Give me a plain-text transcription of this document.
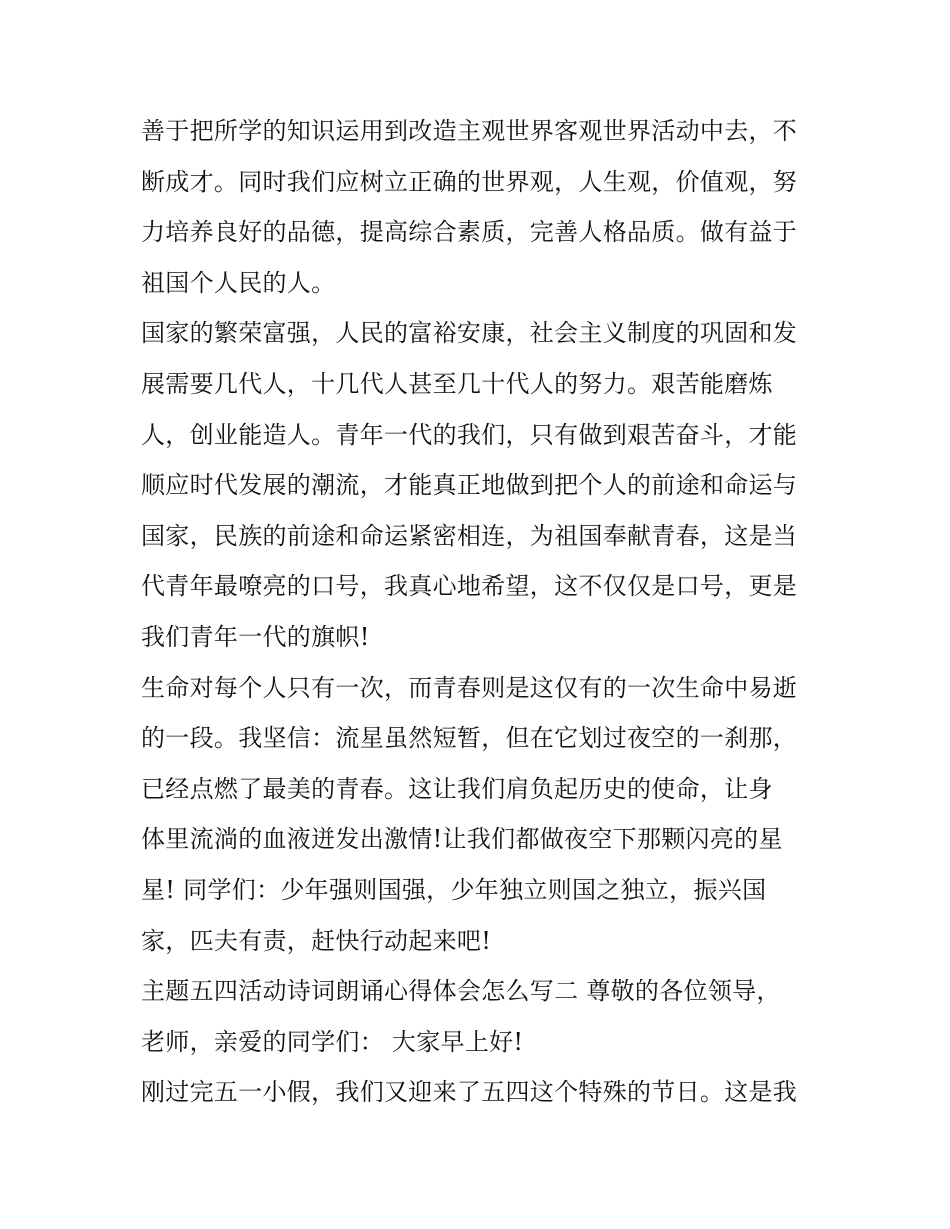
善于把所学的知识运用到改造主观世界客观世界活动中去，不
断成才。同时我们应树立正确的世界观，人生观，价值观，努
力培养良好的品德，提高综合素质，完善人格品质。做有益于
祖国个人民的人。
国家的繁荣富强，人民的富裕安康，社会主义制度的巩固和发
展需要几代人，十几代人甚至几十代人的努力。艰苦能磨炼
人，创业能造人。青年一代的我们，只有做到艰苦奋斗，才能
顺应时代发展的潮流，才能真正地做到把个人的前途和命运与
国家，民族的前途和命运紧密相连，为祖国奉献青春，这是当
代青年最嘹亮的口号，我真心地希望，这不仅仅是口号，更是
我们青年一代的旗帜!
生命对每个人只有一次，而青春则是这仅有的一次生命中易逝
的一段。我坚信：流星虽然短暂，但在它划过夜空的一刹那，
已经点燃了最美的青春。这让我们肩负起历史的使命，让身
体里流淌的血液迸发出激情!让我们都做夜空下那颗闪亮的星
星! 同学们：少年强则国强，少年独立则国之独立，振兴国
家，匹夫有责，赶快行动起来吧!
主题五四活动诗词朗诵心得体会怎么写二 尊敬的各位领导，
老师，亲爱的同学们： 大家早上好!
刚过完五一小假，我们又迎来了五四这个特殊的节日。这是我
